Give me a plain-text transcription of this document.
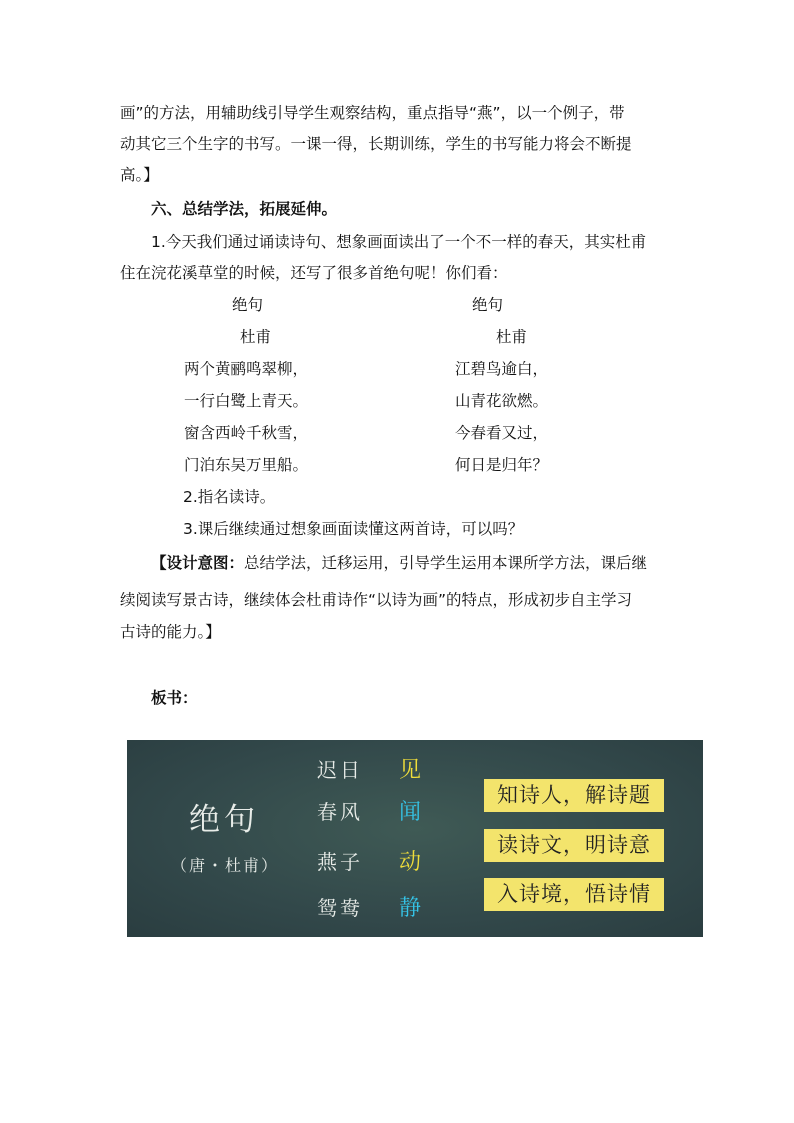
画”的方法，用辅助线引导学生观察结构，重点指导“燕”，以一个例子，带
动其它三个生字的书写。一课一得，长期训练，学生的书写能力将会不断提
高。】
六、总结学法，拓展延伸。
1.今天我们通过诵读诗句、想象画面读出了一个不一样的春天，其实杜甫
住在浣花溪草堂的时候，还写了很多首绝句呢！你们看：
绝句
杜甫
两个黄鹂鸣翠柳，
一行白鹭上青天。
窗含西岭千秋雪，
门泊东吴万里船。
绝句
杜甫
江碧鸟逾白，
山青花欲燃。
今春看又过，
何日是归年？
2.指名读诗。
3.课后继续通过想象画面读懂这两首诗，可以吗？
【设计意图：总结学法，迁移运用，引导学生运用本课所学方法，课后继
续阅读写景古诗，继续体会杜甫诗作“以诗为画”的特点，形成初步自主学习
古诗的能力。】
板书：
绝句
（唐・杜甫）
迟日
春风
燕子
鸳鸯
见
闻
动
静
知诗人，解诗题
读诗文，明诗意
入诗境，悟诗情
